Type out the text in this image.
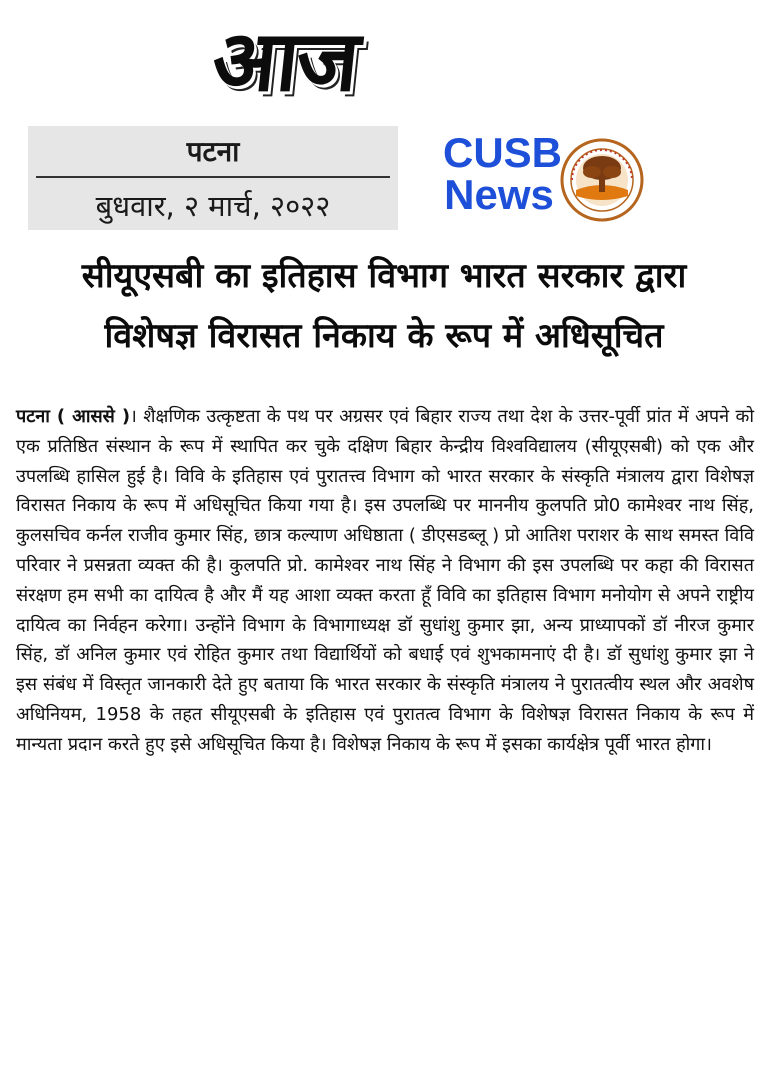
आज
पटना
बुधवार, २ मार्च, २०२२
CUSB
News
सीयूएसबी का इतिहास विभाग भारत सरकार द्वारा
विशेषज्ञ विरासत निकाय के रूप में अधिसूचित
पटना ( आससे )। शैक्षणिक उत्कृष्टता के पथ पर अग्रसर एवं बिहार राज्य तथा देश के उत्तर-पूर्वी प्रांत में अपने को एक प्रतिष्ठित संस्थान के रूप में स्थापित कर चुके दक्षिण बिहार केन्द्रीय विश्वविद्यालय (सीयूएसबी) को एक और उपलब्धि हासिल हुई है। विवि के इतिहास एवं पुरातत्त्व विभाग को भारत सरकार के संस्कृति मंत्रालय द्वारा विशेषज्ञ विरासत निकाय के रूप में अधिसूचित किया गया है। इस उपलब्धि पर माननीय कुलपति प्रो0 कामेश्वर नाथ सिंह, कुलसचिव कर्नल राजीव कुमार सिंह, छात्र कल्याण अधिष्ठाता ( डीएसडब्लू ) प्रो आतिश पराशर के साथ समस्त विवि परिवार ने प्रसन्नता व्यक्त की है। कुलपति प्रो. कामेश्वर नाथ सिंह ने विभाग की इस उपलब्धि पर कहा की विरासत संरक्षण हम सभी का दायित्व है और मैं यह आशा व्यक्त करता हूँ विवि का इतिहास विभाग मनोयोग से अपने राष्ट्रीय दायित्व का निर्वहन करेगा। उन्होंने विभाग के विभागाध्यक्ष डॉ सुधांशु कुमार झा, अन्य प्राध्यापकों डॉ नीरज कुमार सिंह, डॉ अनिल कुमार एवं रोहित कुमार तथा विद्यार्थियों को बधाई एवं शुभकामनाएं दी है। डॉ सुधांशु कुमार झा ने इस संबंध में विस्तृत जानकारी देते हुए बताया कि भारत सरकार के संस्कृति मंत्रालय ने पुरातत्वीय स्थल और अवशेष अधिनियम, 1958 के तहत सीयूएसबी के इतिहास एवं पुरातत्व विभाग के विशेषज्ञ विरासत निकाय के रूप में मान्यता प्रदान करते हुए इसे अधिसूचित किया है। विशेषज्ञ निकाय के रूप में इसका कार्यक्षेत्र पूर्वी भारत होगा।
